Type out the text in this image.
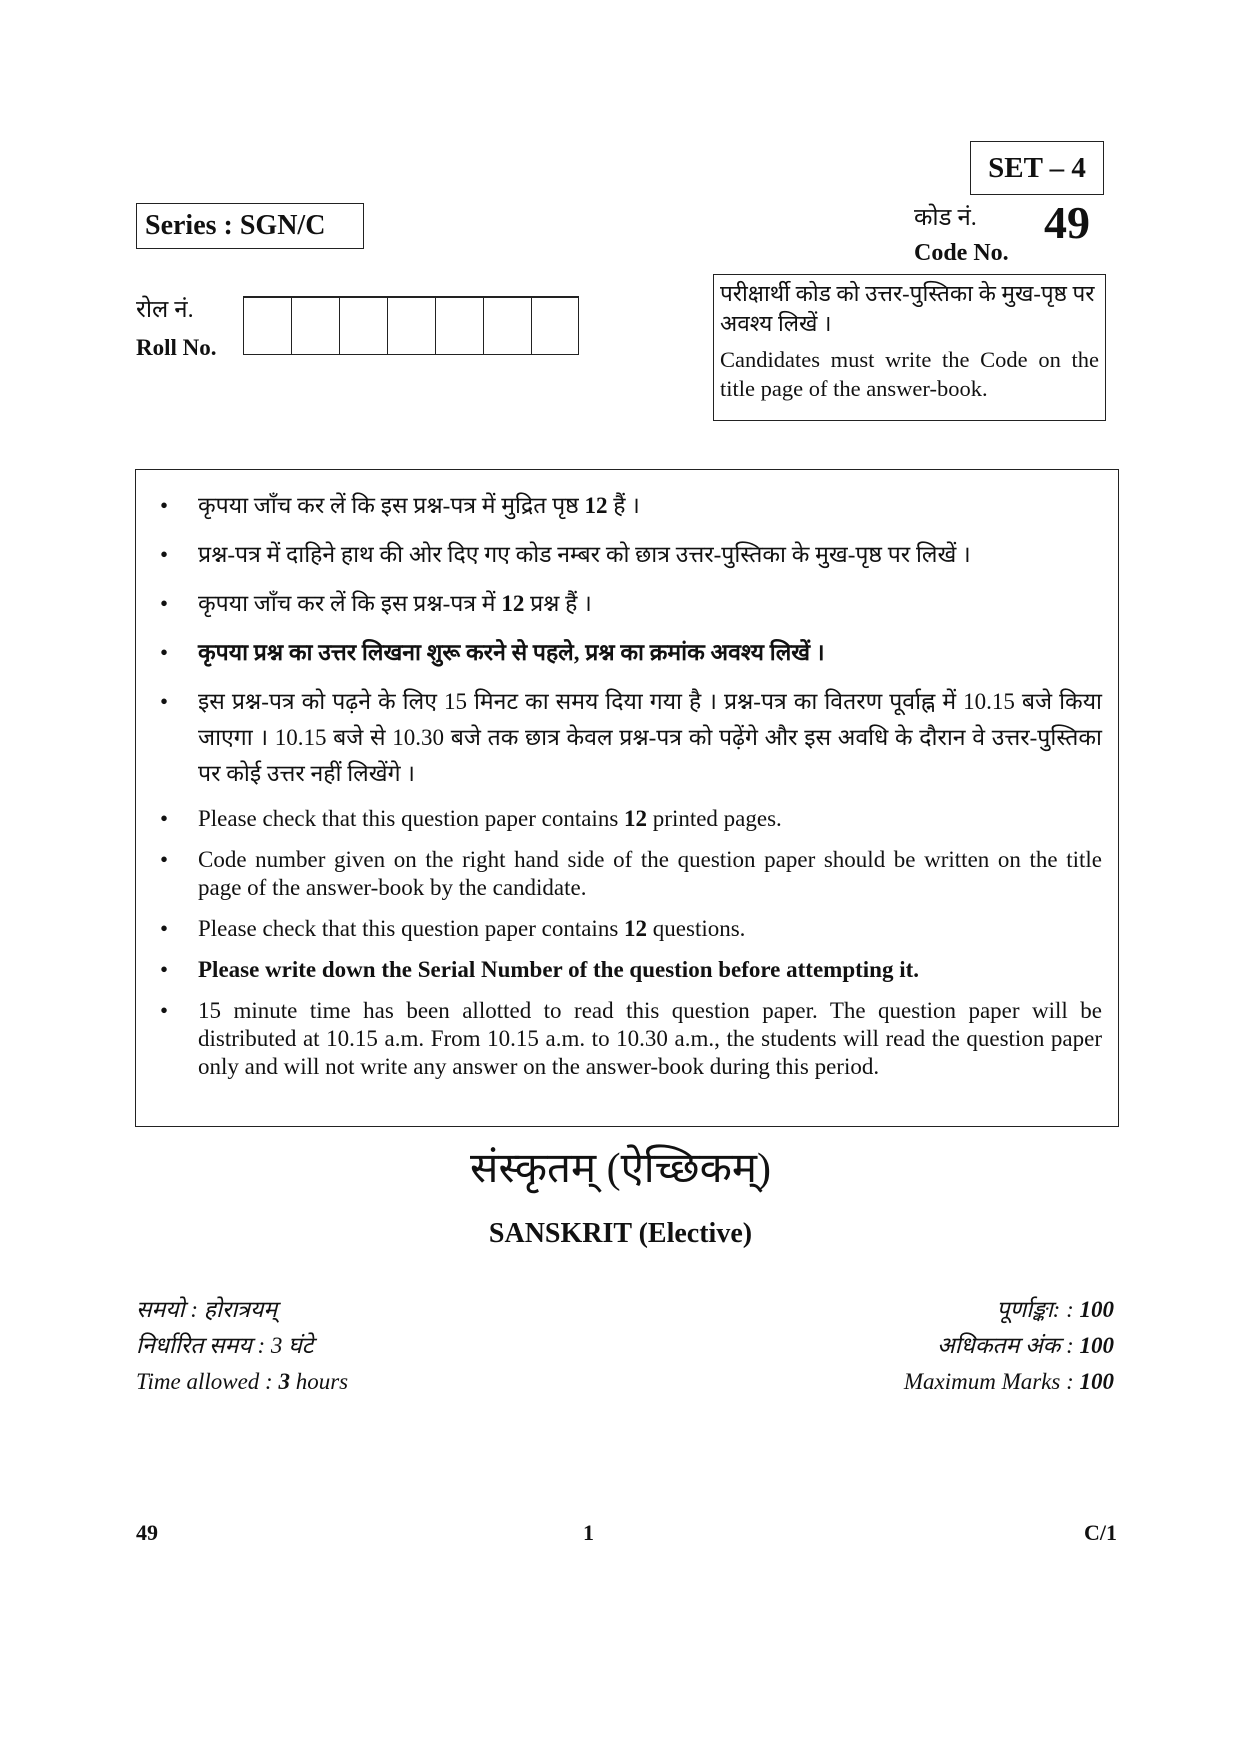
SET – 4
Series : SGN/C	कोड नं. 49
Code No.
रोल नं.
Roll No.
परीक्षार्थी कोड को उत्तर-पुस्तिका के मुख-पृष्ठ पर अवश्य लिखें ।
Candidates must write the Code on the title page of the answer-book.
• कृपया जाँच कर लें कि इस प्रश्न-पत्र में मुद्रित पृष्ठ 12 हैं ।
• प्रश्न-पत्र में दाहिने हाथ की ओर दिए गए कोड नम्बर को छात्र उत्तर-पुस्तिका के मुख-पृष्ठ पर लिखें ।
• कृपया जाँच कर लें कि इस प्रश्न-पत्र में 12 प्रश्न हैं ।
• कृपया प्रश्न का उत्तर लिखना शुरू करने से पहले, प्रश्न का क्रमांक अवश्य लिखें ।
• इस प्रश्न-पत्र को पढ़ने के लिए 15 मिनट का समय दिया गया है । प्रश्न-पत्र का वितरण पूर्वाह्न में 10.15 बजे किया जाएगा । 10.15 बजे से 10.30 बजे तक छात्र केवल प्रश्न-पत्र को पढ़ेंगे और इस अवधि के दौरान वे उत्तर-पुस्तिका पर कोई उत्तर नहीं लिखेंगे ।
• Please check that this question paper contains 12 printed pages.
• Code number given on the right hand side of the question paper should be written on the title page of the answer-book by the candidate.
• Please check that this question paper contains 12 questions.
• Please write down the Serial Number of the question before attempting it.
• 15 minute time has been allotted to read this question paper. The question paper will be distributed at 10.15 a.m. From 10.15 a.m. to 10.30 a.m., the students will read the question paper only and will not write any answer on the answer-book during this period.
संस्कृतम् (ऐच्छिकम्)
SANSKRIT (Elective)
समयो : होरात्रयम्
निर्धारित समय : 3 घंटे
Time allowed : 3 hours
पूर्णाङ्का: : 100
अधिकतम अंक : 100
Maximum Marks : 100
49	1	C/1
